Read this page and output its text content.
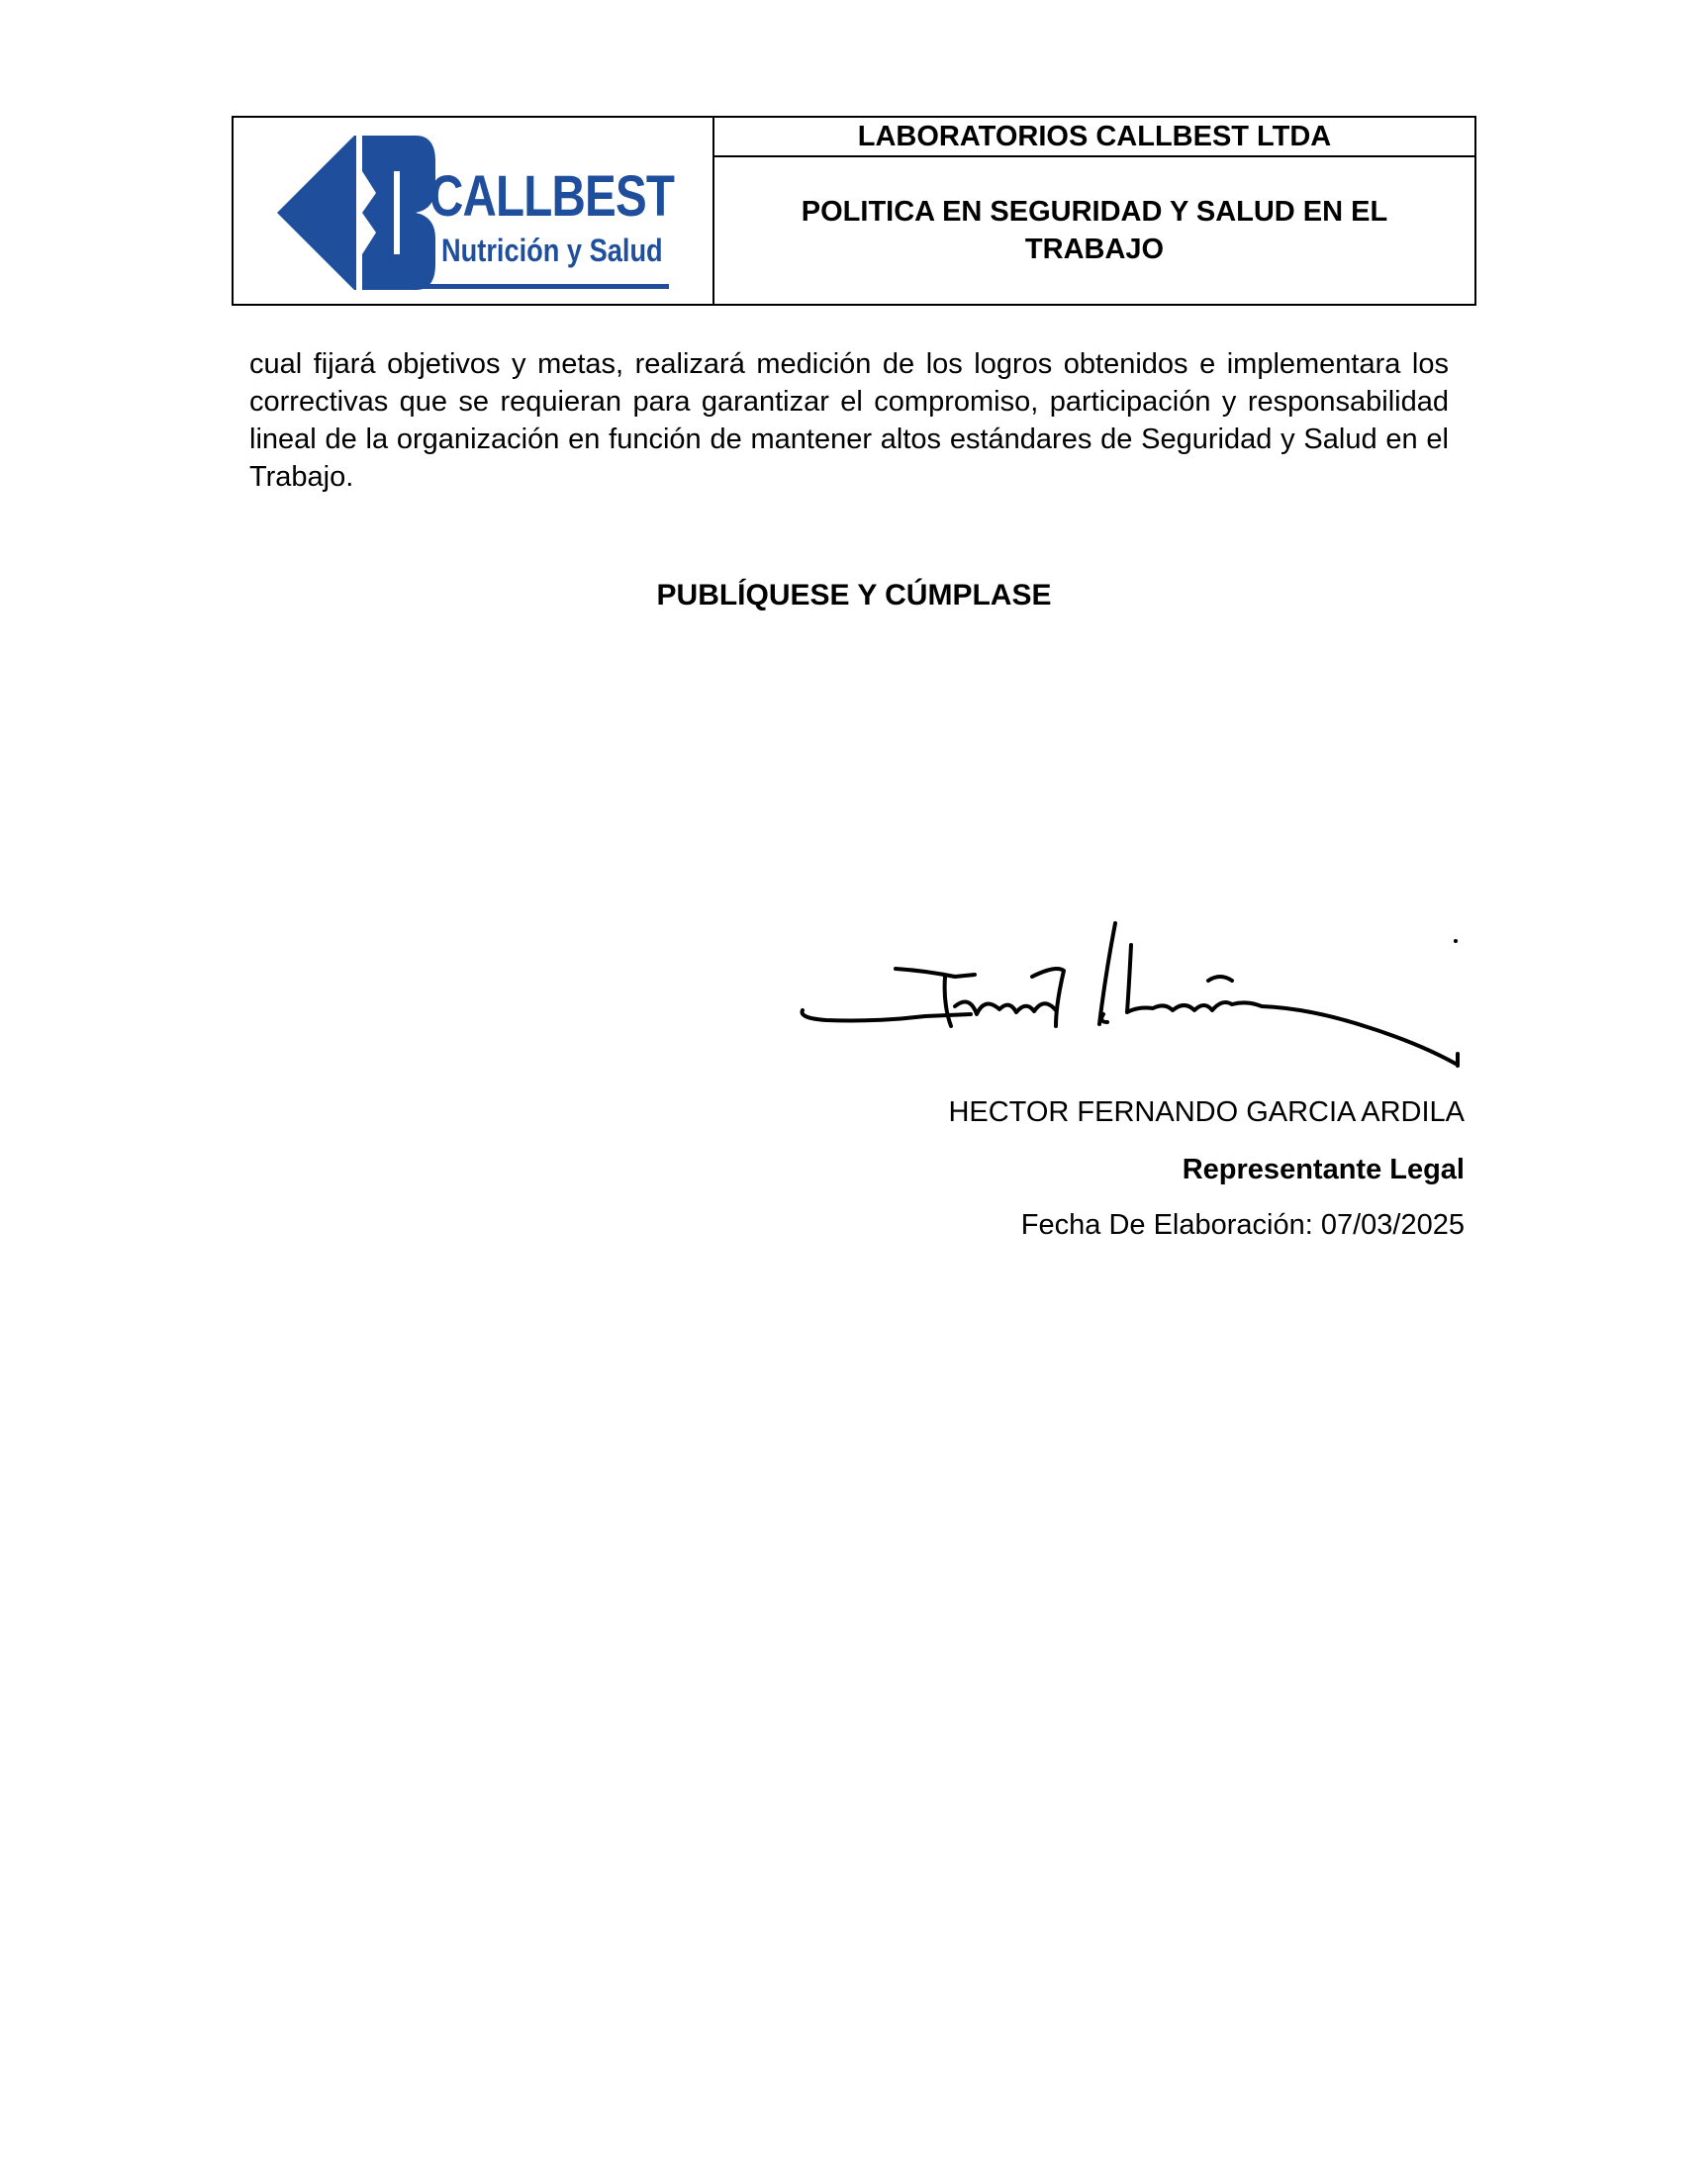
CALLBEST
Nutrición y Salud
LABORATORIOS CALLBEST LTDA
POLITICA EN SEGURIDAD Y SALUD EN EL TRABAJO

cual fijará objetivos y metas, realizará medición de los logros obtenidos e implementara los correctivas que se requieran para garantizar el compromiso, participación y responsabilidad lineal de la organización en función de mantener altos estándares de Seguridad y Salud en el Trabajo.

PUBLÍQUESE Y CÚMPLASE
HECTOR FERNANDO GARCIA ARDILA
Representante Legal
Fecha De Elaboración: 07/03/2025
